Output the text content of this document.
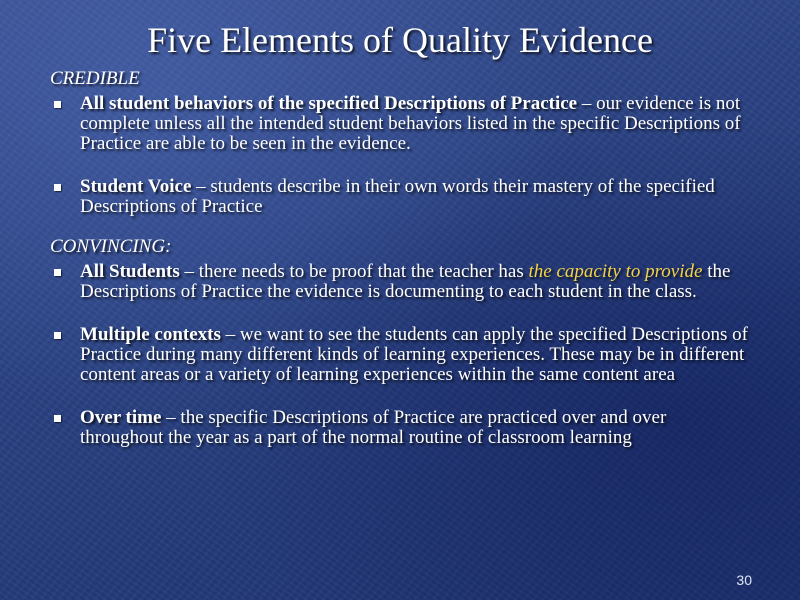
Five Elements of Quality Evidence
CREDIBLE
All student behaviors of the specified Descriptions of Practice – our evidence is not complete unless all the intended student behaviors listed in the specific Descriptions of Practice are able to be seen in the evidence.
Student Voice – students describe in their own words their mastery of the specified Descriptions of Practice
CONVINCING:
All Students – there needs to be proof that the teacher has the capacity to provide the Descriptions of Practice the evidence is documenting to each student in the class.
Multiple contexts – we want to see the students can apply the specified Descriptions of Practice during many different kinds of learning experiences. These may be in different content areas or a variety of learning experiences within the same content area
Over time – the specific Descriptions of Practice are practiced over and over throughout the year as a part of the normal routine of classroom learning
30
